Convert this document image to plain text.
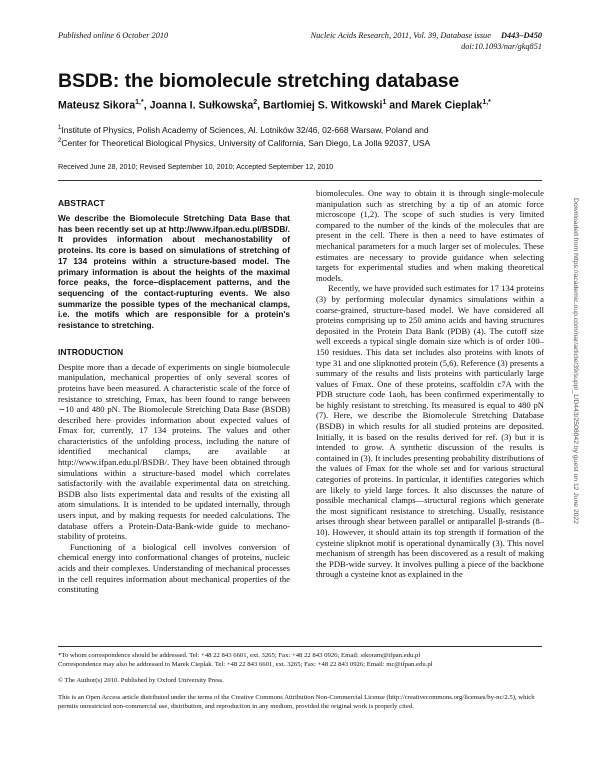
Published online 6 October 2010	Nucleic Acids Research, 2011, Vol. 39, Database issue D443–D450
doi:10.1093/nar/gkq851
BSDB: the biomolecule stretching database
Mateusz Sikora$^{1,*}$, Joanna I. Sułkowska$^2$, Bartłomiej S. Witkowski$^1$ and Marek Cieplak$^{1,*}$
$^1$Institute of Physics, Polish Academy of Sciences, Al. Lotników 32/46, 02-668 Warsaw, Poland and
$^2$Center for Theoretical Biological Physics, University of California, San Diego, La Jolla 92037, USA
Received June 28, 2010; Revised September 10, 2010; Accepted September 12, 2010
ABSTRACT

We describe the Biomolecule Stretching Data Base that has been recently set up at http://www.ifpan.edu.pl/BSDB/. It provides information about mechanostability of proteins. Its core is based on simulations of stretching of 17 134 proteins within a structure-based model. The primary information is about the heights of the maximal force peaks, the force–displacement patterns, and the sequencing of the contact-rupturing events. We also summarize the possible types of the mechanical clamps, i.e. the motifs which are responsible for a protein's resistance to stretching.

INTRODUCTION

Despite more than a decade of experiments on single biomolecule manipulation, mechanical properties of only several scores of proteins have been measured. A characteristic scale of the force of resistance to stretching, Fmax, has been found to range between ∼10 and 480 pN. The Biomolecule Stretching Data Base (BSDB) described here provides information about expected values of Fmax for, currently, 17 134 proteins. The values and other characteristics of the unfolding process, including the nature of identified mechanical clamps, are available at http://www.ifpan.edu.pl/BSDB/. They have been obtained through simulations within a structure-based model which correlates satisfactorily with the available experimental data on stretching. BSDB also lists experimental data and results of the existing all atom simulations. It is intended to be updated internally, through users input, and by making requests for needed calculations. The database offers a Protein-Data-Bank-wide guide to mechano-stability of proteins.

Functioning of a biological cell involves conversion of chemical energy into conformational changes of proteins, nucleic acids and their complexes. Understanding of mechanical processes in the cell requires information about mechanical properties of the constituting

biomolecules. One way to obtain it is through single-molecule manipulation such as stretching by a tip of an atomic force microscope (1,2). The scope of such studies is very limited compared to the number of the kinds of the molecules that are present in the cell. There is then a need to have estimates of mechanical parameters for a much larger set of molecules. These estimates are necessary to provide guidance when selecting targets for experimental studies and when making theoretical models.

Recently, we have provided such estimates for 17 134 proteins (3) by performing molecular dynamics simulations within a coarse-grained, structure-based model. We have considered all proteins comprising up to 250 amino acids and having structures deposited in the Protein Data Bank (PDB) (4). The cutoff size well exceeds a typical single domain size which is of order 100–150 residues. This data set includes also proteins with knots of type 31 and one slipknotted protein (5,6). Reference (3) presents a summary of the results and lists proteins with particularly large values of Fmax. One of these proteins, scaffoldin c7A with the PDB structure code 1aoh, has been confirmed experimentally to be highly resistant to stretching. Its measured is equal to 480 pN (7). Here, we describe the Biomolecule Stretching Database (BSDB) in which results for all studied proteins are deposited. Initially, it is based on the results derived for ref. (3) but it is intended to grow. A synthetic discussion of the results is contained in (3). It includes presenting probability distributions of the values of Fmax for the whole set and for various structural categories of proteins. In particular, it identifies categories which are likely to yield large forces. It also discusses the nature of possible mechanical clamps—structural regions which generate the most significant resistance to stretching. Usually, resistance arises through shear between parallel or antiparallel β-strands (8–10). However, it should attain its top strength if formation of the cysteine slipknot motif is operational dynamically (3). This novel mechanism of strength has been discovered as a result of making the PDB-wide survey. It involves pulling a piece of the backbone through a cysteine knot as explained in the

*To whom correspondence should be addressed. Tel: +48 22 843 6601, ext. 3265; Fax: +48 22 843 0926; Email: sikoram@ifpan.edu.pl

Correspondence may also be addressed to Marek Cieplak. Tel: +48 22 843 6601, ext. 3265; Fax: +48 22 843 0926; Email: mc@ifpan.edu.pl

© The Author(s) 2010. Published by Oxford University Press.

This is an Open Access article distributed under the terms of the Creative Commons Attribution Non-Commercial License (http://creativecommons.org/licenses/by-nc/2.5), which permits unrestricted non-commercial use, distribution, and reproduction in any medium, provided the original work is properly cited.

Downloaded from https://academic.oup.com/nar/article/39/suppl_1/D443/2508042 by guest on 12 June 2022
